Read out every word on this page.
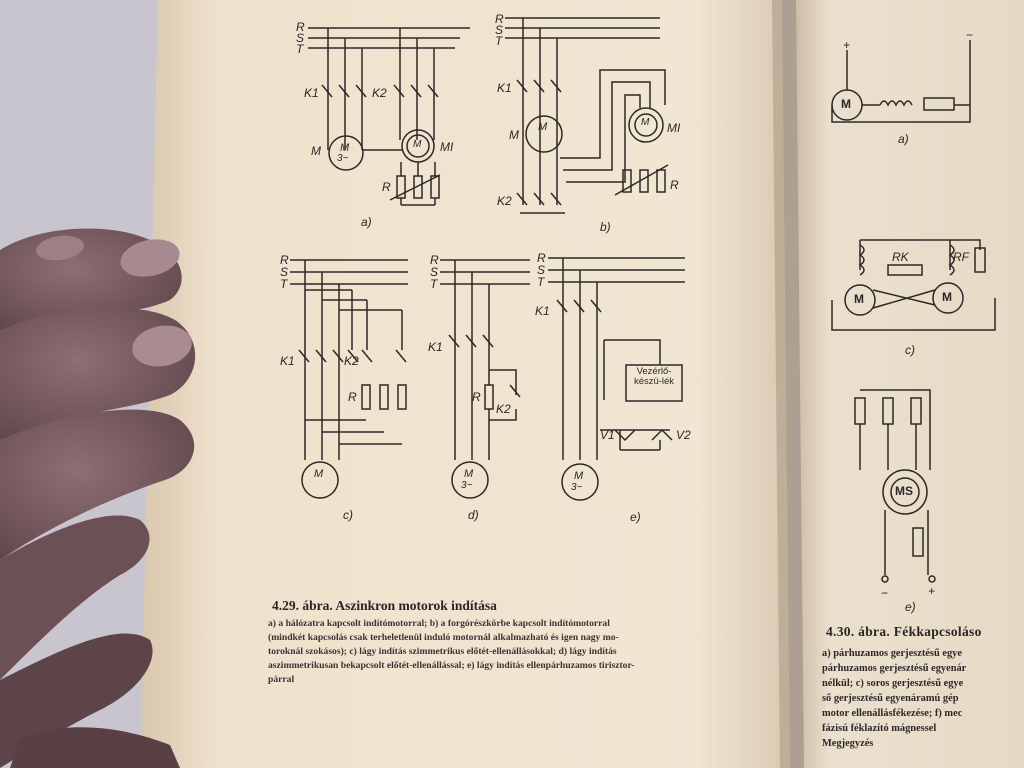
R
S
T
R
S
T
R
S
T
R
S
T
R
S
T
K1	K2
M M
3~
MI
M
R
K1
M
M	M MI
R
K2
K1	K2
R
M
K1
R
K2
M
3~
K1
Vezérlő-készü-lék
V1	V2
M
3~
a)	b)
c)	d)	e)
4.29. ábra. Aszinkron motorok indítása
a) a hálózatra kapcsolt indítómotorral; b) a forgórészkörbe kapcsolt indítómotorral
(mindkét kapcsolás csak terheletlenül induló motornál alkalmazható és igen nagy mo-
toroknál szokásos); c) lágy indítás szimmetrikus előtét-ellenállásokkal; d) lágy indítás
aszimmetrikusan bekapcsolt előtét-ellenállással; e) lágy indítás ellenpárhuzamos tirisztor-
párral
M
+
−
a)
RK	RF
M	M
c)
MS
−	+
e)
4.30. ábra. Fékkapcsoláso
a) párhuzamos gerjesztésű egye
párhuzamos gerjesztésű egyenár
nélkül; c) soros gerjesztésű egye
ső gerjesztésű egyenáramú gép
motor ellenállásfékezése; f) mec
fázisú féklazító mágnessel
Megjegyzés
